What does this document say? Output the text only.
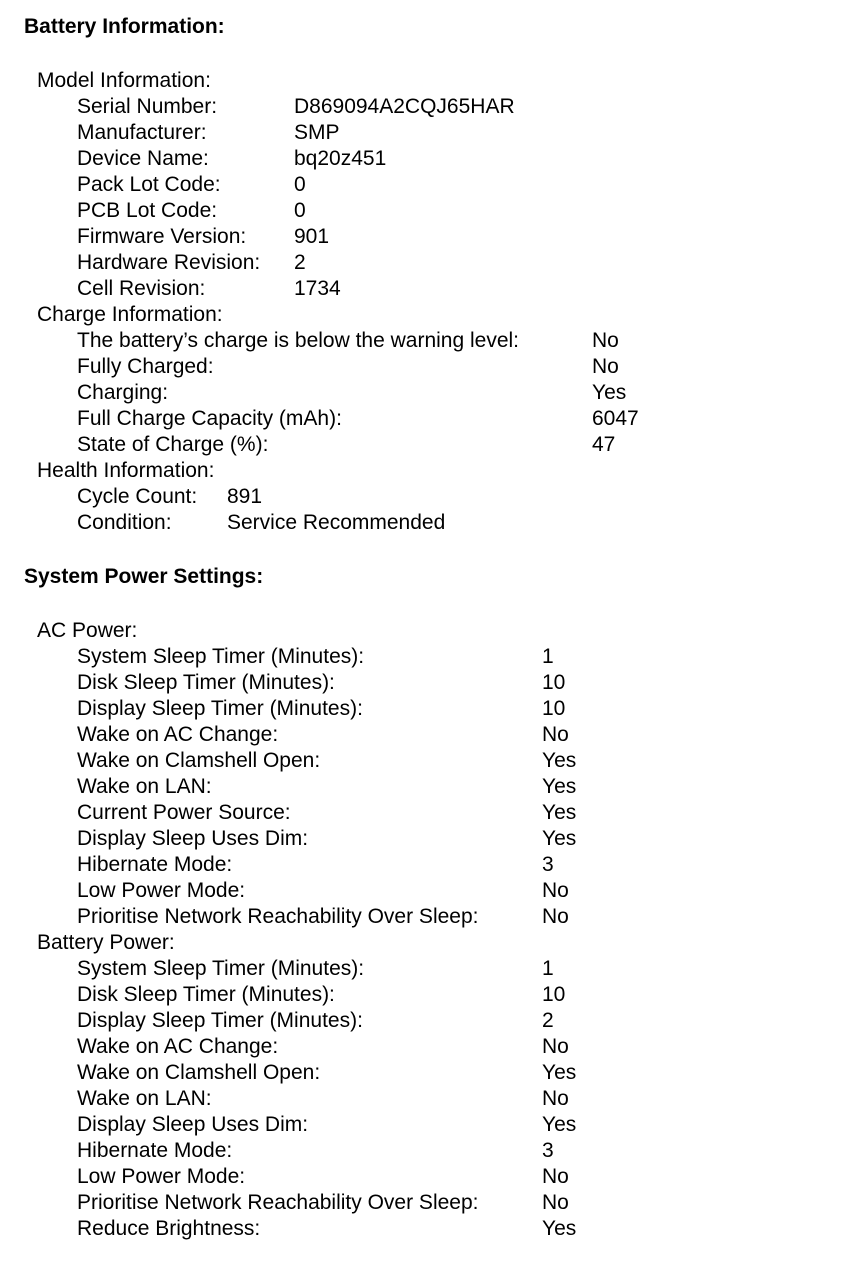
Battery Information:
Model Information:
Serial Number:	D869094A2CQJ65HAR
Manufacturer:	SMP
Device Name:	bq20z451
Pack Lot Code:	0
PCB Lot Code:	0
Firmware Version: 901
Hardware Revision: 2
Cell Revision:	1734
Charge Information:
The battery’s charge is below the warning level:	No
Fully Charged:	No
Charging:	Yes
Full Charge Capacity (mAh):	6047
State of Charge (%):	47
Health Information:
Cycle Count: 891
Condition:	Service Recommended
System Power Settings:
AC Power:
System Sleep Timer (Minutes):	1
Disk Sleep Timer (Minutes):	10
Display Sleep Timer (Minutes):	10
Wake on AC Change:	No
Wake on Clamshell Open:	Yes
Wake on LAN:	Yes
Current Power Source:	Yes
Display Sleep Uses Dim:	Yes
Hibernate Mode:	3
Low Power Mode:	No
Prioritise Network Reachability Over Sleep:	No
Battery Power:
System Sleep Timer (Minutes):	1
Disk Sleep Timer (Minutes):	10
Display Sleep Timer (Minutes):	2
Wake on AC Change:	No
Wake on Clamshell Open:	Yes
Wake on LAN:	No
Display Sleep Uses Dim:	Yes
Hibernate Mode:	3
Low Power Mode:	No
Prioritise Network Reachability Over Sleep:	No
Reduce Brightness:	Yes
